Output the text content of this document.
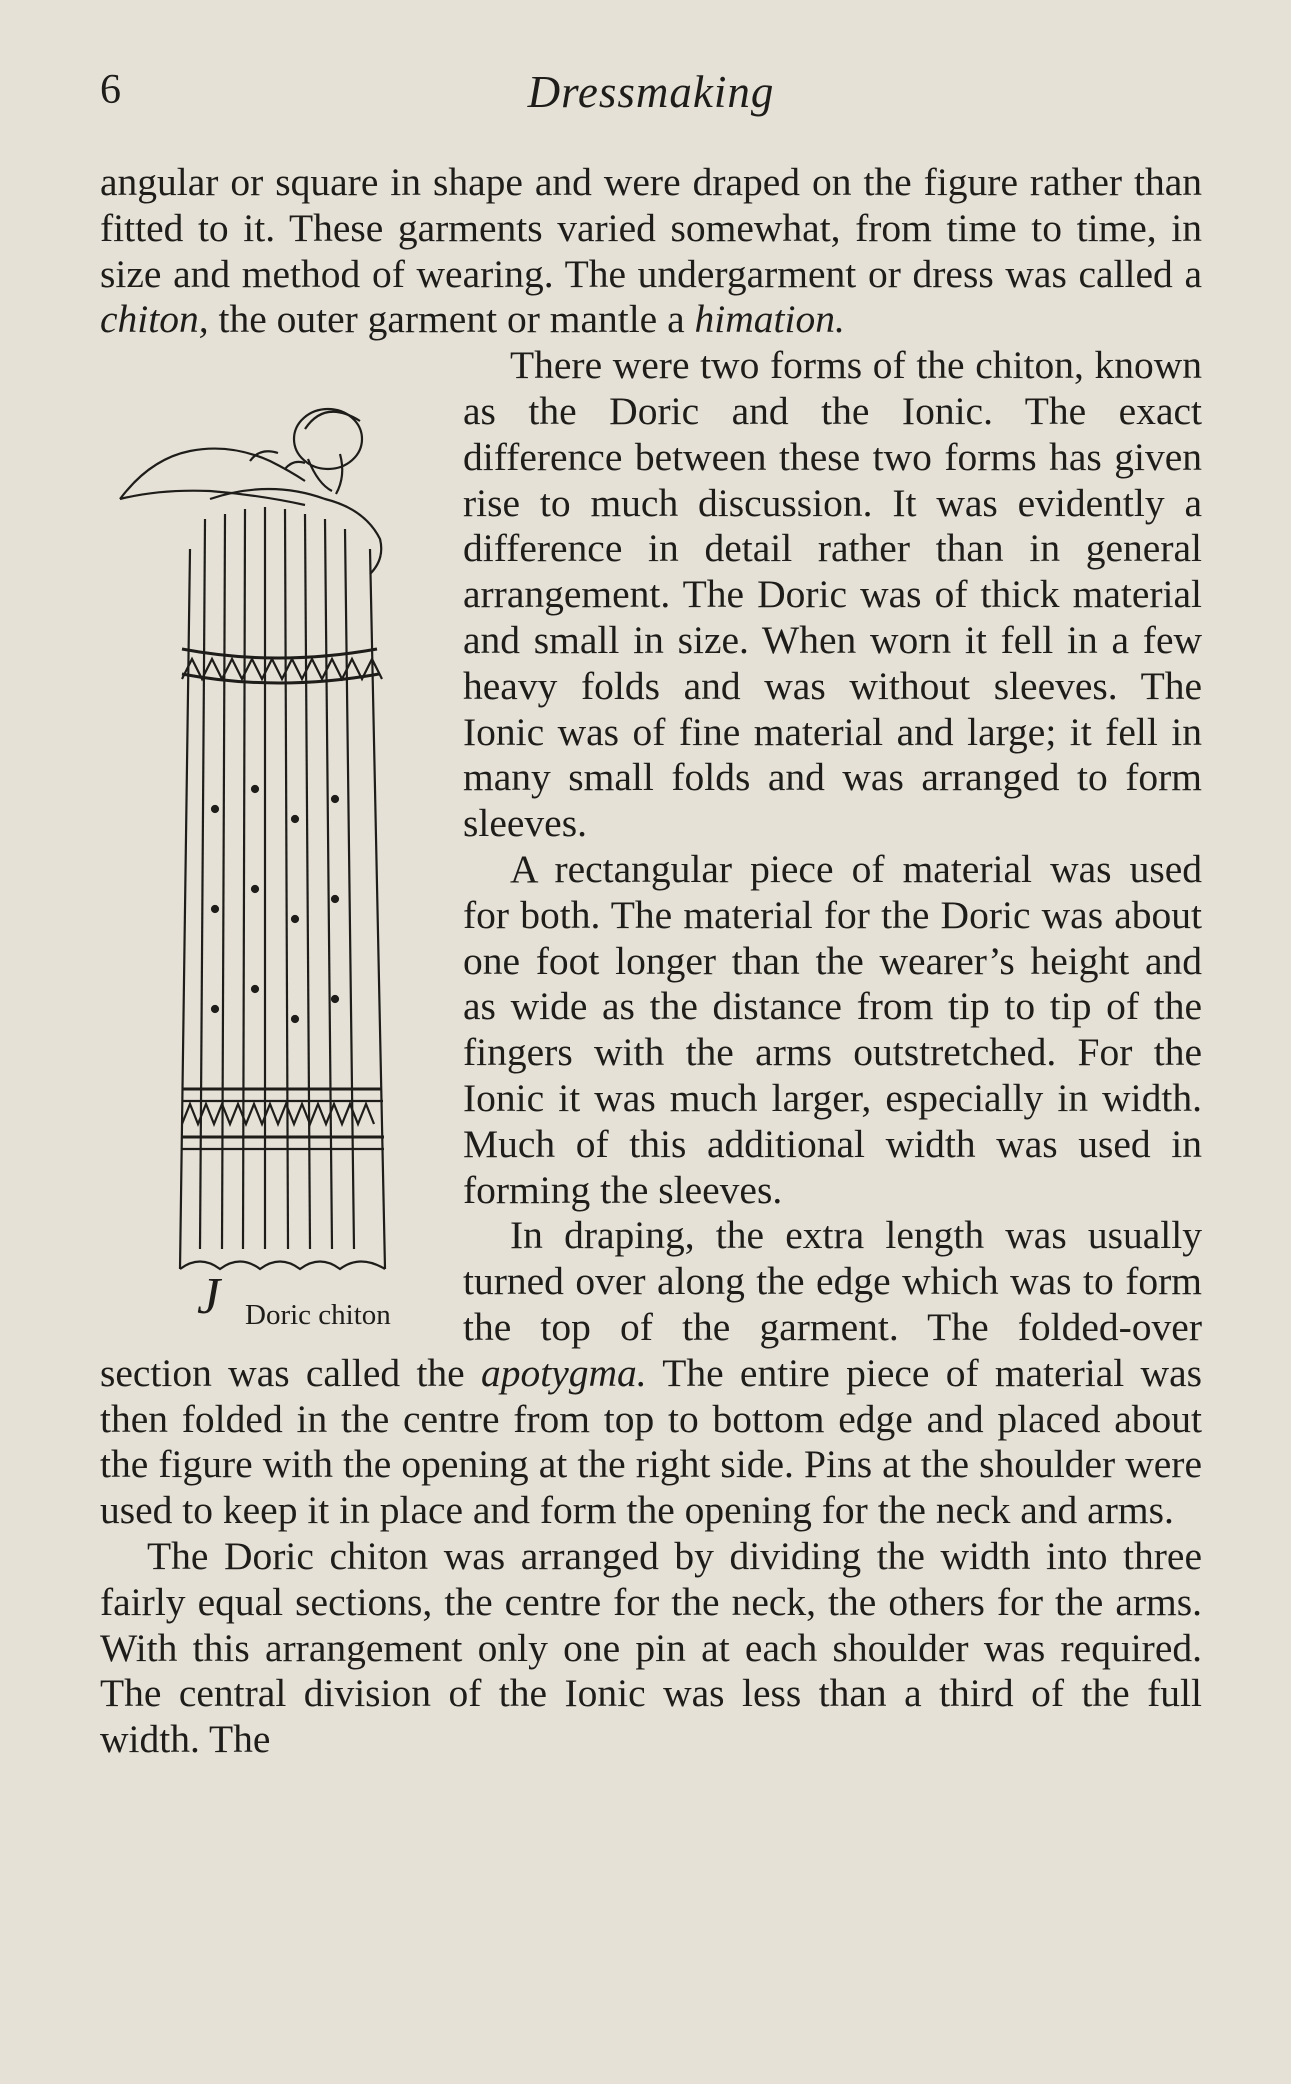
6	Dressmaking

angular or square in shape and were draped on the figure rather than fitted to it. These garments varied somewhat, from time to time, in size and method of wearing. The undergarment or dress was called a chiton, the outer garment or mantle a himation.

J Doric chiton
There were two forms of the chiton, known as the Doric and the Ionic. The exact difference between these two forms has given rise to much discussion. It was evidently a difference in detail rather than in general arrangement. The Doric was of thick material and small in size. When worn it fell in a few heavy folds and was without sleeves. The Ionic was of fine material and large; it fell in many small folds and was arranged to form sleeves.

A rectangular piece of material was used for both. The material for the Doric was about one foot longer than the wearer’s height and as wide as the distance from tip to tip of the fingers with the arms outstretched. For the Ionic it was much larger, especially in width. Much of this additional width was used in forming the sleeves.

In draping, the extra length was usually turned over along the edge which was to form the top of the garment. The folded-over section was called the apotygma. The entire piece of material was then folded in the centre from top to bottom edge and placed about the figure with the opening at the right side. Pins at the shoulder were used to keep it in place and form the opening for the neck and arms.

The Doric chiton was arranged by dividing the width into three fairly equal sections, the centre for the neck, the others for the arms. With this arrangement only one pin at each shoulder was required. The central division of the Ionic was less than a third of the full width. The
